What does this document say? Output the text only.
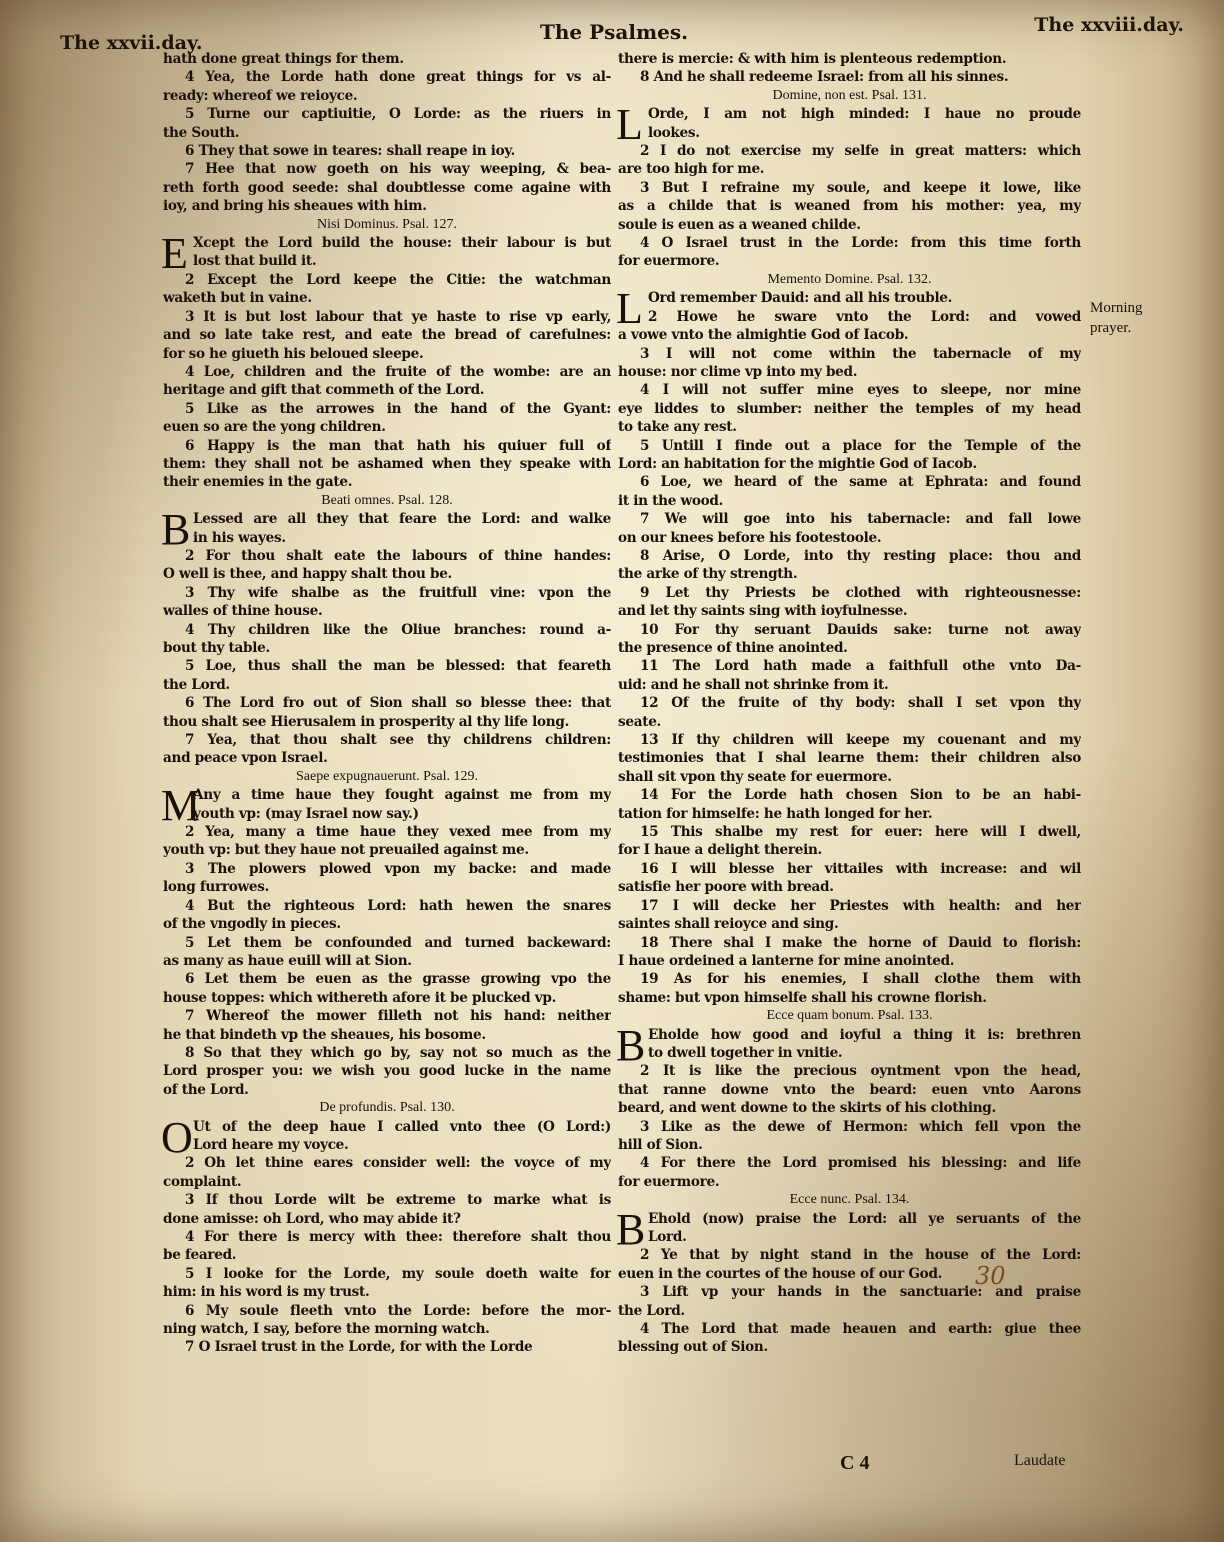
The xxvii.day.	The Psalmes.	The xxviii.day.
hath done great things for them.
4 Yea, the Lorde hath done great things for vs al-
ready: whereof we reioyce.
5 Turne our captiuitie, O Lorde: as the riuers in
the South.
6 They that sowe in teares: shall reape in ioy.
7 Hee that now goeth on his way weeping, & bea-
reth forth good seede: shal doubtlesse come againe with
ioy, and bring his sheaues with him.
Nisi Dominus. Psal. 127.
E Xcept the Lord build the house: their labour is but
lost that build it.
2 Except the Lord keepe the Citie: the watchman
waketh but in vaine.
3 It is but lost labour that ye haste to rise vp early,
and so late take rest, and eate the bread of carefulnes:
for so he giueth his beloued sleepe.
4 Loe, children and the fruite of the wombe: are an
heritage and gift that commeth of the Lord.
5 Like as the arrowes in the hand of the Gyant:
euen so are the yong children.
6 Happy is the man that hath his quiuer full of
them: they shall not be ashamed when they speake with
their enemies in the gate.
Beati omnes. Psal. 128.
B Lessed are all they that feare the Lord: and walke
in his wayes.
2 For thou shalt eate the labours of thine handes:
O well is thee, and happy shalt thou be.
3 Thy wife shalbe as the fruitfull vine: vpon the
walles of thine house.
4 Thy children like the Oliue branches: round a-
bout thy table.
5 Loe, thus shall the man be blessed: that feareth
the Lord.
6 The Lord fro out of Sion shall so blesse thee: that
thou shalt see Hierusalem in prosperity al thy life long.
7 Yea, that thou shalt see thy childrens children:
and peace vpon Israel.
Saepe expugnauerunt. Psal. 129.
M
Any a time haue they fought against me from my
youth vp: (may Israel now say.)
2 Yea, many a time haue they vexed mee from my
youth vp: but they haue not preuailed against me.
3 The plowers plowed vpon my backe: and made
long furrowes.
4 But the righteous Lord: hath hewen the snares
of the vngodly in pieces.
5 Let them be confounded and turned backeward:
as many as haue euill will at Sion.
6 Let them be euen as the grasse growing vpo the
house toppes: which withereth afore it be plucked vp.
7 Whereof the mower filleth not his hand: neither
he that bindeth vp the sheaues, his bosome.
8 So that they which go by, say not so much as the
Lord prosper you: we wish you good lucke in the name
of the Lord.
De profundis. Psal. 130.
O Ut of the deep haue I called vnto thee (O Lord:)
Lord heare my voyce.
2 Oh let thine eares consider well: the voyce of my
complaint.
3 If thou Lorde wilt be extreme to marke what is
done amisse: oh Lord, who may abide it?
4 For there is mercy with thee: therefore shalt thou
be feared.
5 I looke for the Lorde, my soule doeth waite for
him: in his word is my trust.
6 My soule fleeth vnto the Lorde: before the mor-
ning watch, I say, before the morning watch.
7 O Israel trust in the Lorde, for with the Lorde
there is mercie: & with him is plenteous redemption.
8 And he shall redeeme Israel: from all his sinnes.
Domine, non est. Psal. 131.
L Orde, I am not high minded: I haue no proude
lookes.
2 I do not exercise my selfe in great matters: which
are too high for me.
3 But I refraine my soule, and keepe it lowe, like
as a childe that is weaned from his mother: yea, my
soule is euen as a weaned childe.
4 O Israel trust in the Lorde: from this time forth
for euermore.
Memento Domine. Psal. 132.
L Ord remember Dauid: and all his trouble.
2 Howe he sware vnto the Lord: and vowed
a vowe vnto the almightie God of Iacob.
3 I will not come within the tabernacle of my
house: nor clime vp into my bed.
4 I will not suffer mine eyes to sleepe, nor mine
eye liddes to slumber: neither the temples of my head
to take any rest.
5 Untill I finde out a place for the Temple of the
Lord: an habitation for the mightie God of Iacob.
6 Loe, we heard of the same at Ephrata: and found
it in the wood.
7 We will goe into his tabernacle: and fall lowe
on our knees before his footestoole.
8 Arise, O Lorde, into thy resting place: thou and
the arke of thy strength.
9 Let thy Priests be clothed with righteousnesse:
and let thy saints sing with ioyfulnesse.
10 For thy seruant Dauids sake: turne not away
the presence of thine anointed.
11 The Lord hath made a faithfull othe vnto Da-
uid: and he shall not shrinke from it.
12 Of the fruite of thy body: shall I set vpon thy
seate.
13 If thy children will keepe my couenant and my
testimonies that I shal learne them: their children also
shall sit vpon thy seate for euermore.
14 For the Lorde hath chosen Sion to be an habi-
tation for himselfe: he hath longed for her.
15 This shalbe my rest for euer: here will I dwell,
for I haue a delight therein.
16 I will blesse her vittailes with increase: and wil
satisfie her poore with bread.
17 I will decke her Priestes with health: and her
saintes shall reioyce and sing.
18 There shal I make the horne of Dauid to florish:
I haue ordeined a lanterne for mine anointed.
19 As for his enemies, I shall clothe them with
shame: but vpon himselfe shall his crowne florish.
Ecce quam bonum. Psal. 133.
B Eholde how good and ioyful a thing it is: brethren
to dwell together in vnitie.
2 It is like the precious oyntment vpon the head,
that ranne downe vnto the beard: euen vnto Aarons
beard, and went downe to the skirts of his clothing.
3 Like as the dewe of Hermon: which fell vpon the
hill of Sion.
4 For there the Lord promised his blessing: and life
for euermore.
Ecce nunc. Psal. 134.
B Ehold (now) praise the Lord: all ye seruants of the
Lord.
2 Ye that by night stand in the house of the Lord:
euen in the courtes of the house of our God.
3 Lift vp your hands in the sanctuarie: and praise
the Lord.
4 The Lord that made heauen and earth: giue thee
blessing out of Sion.
Morning
prayer.
30
C 4	Laudate
